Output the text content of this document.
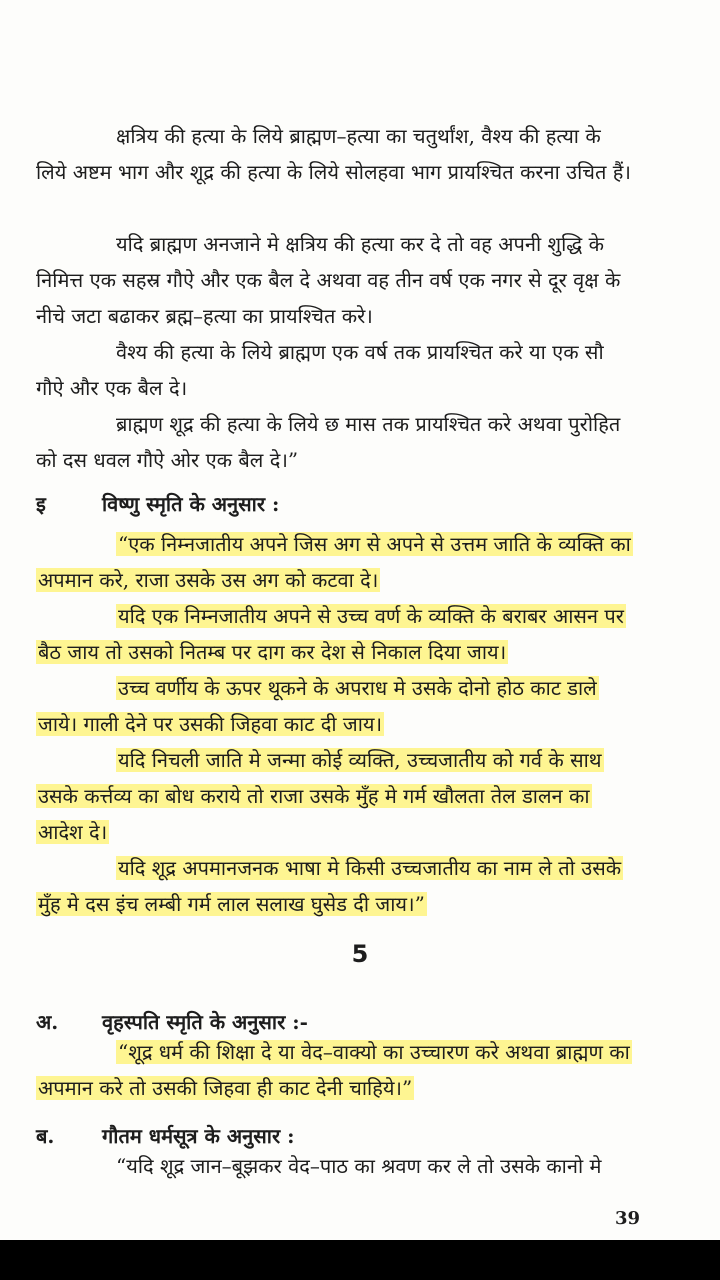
क्षत्रिय की हत्या के लिये ब्राह्मण–हत्या का चतुर्थांश, वैश्य की हत्या के लिये अष्टम भाग और शूद्र की हत्या के लिये सोलहवा भाग प्रायश्चित करना उचित हैं।

यदि ब्राह्मण अनजाने मे क्षत्रिय की हत्या कर दे तो वह अपनी शुद्धि के निमित्त एक सहस्र गौऐ और एक बैल दे अथवा वह तीन वर्ष एक नगर से दूर वृक्ष के नीचे जटा बढाकर ब्रह्म–हत्या का प्रायश्चित करे।

वैश्य की हत्या के लिये ब्राह्मण एक वर्ष तक प्रायश्चित करे या एक सौ गौऐ और एक बैल दे।

ब्राह्मण शूद्र की हत्या के लिये छ मास तक प्रायश्चित करे अथवा पुरोहित को दस धवल गौऐ ओर एक बैल दे।”

इ	विष्णु स्मृति के अनुसार :

“एक निम्नजातीय अपने जिस अग से अपने से उत्तम जाति के व्यक्ति का अपमान करे, राजा उसके उस अग को कटवा दे।

यदि एक निम्नजातीय अपने से उच्च वर्ण के व्यक्ति के बराबर आसन पर बैठ जाय तो उसको नितम्ब पर दाग कर देश से निकाल दिया जाय।

उच्च वर्णीय के ऊपर थूकने के अपराध मे उसके दोनो होठ काट डाले जाये। गाली देने पर उसकी जिहवा काट दी जाय।

यदि निचली जाति मे जन्मा कोई व्यक्ति, उच्चजातीय को गर्व के साथ उसके कर्त्तव्य का बोध कराये तो राजा उसके मुँह मे गर्म खौलता तेल डालन का आदेश दे।

यदि शूद्र अपमानजनक भाषा मे किसी उच्चजातीय का नाम ले तो उसके मुँह मे दस इंच लम्बी गर्म लाल सलाख घुसेड दी जाय।”

5
अ.	वृहस्पति स्मृति के अनुसार :-

“शूद्र धर्म की शिक्षा दे या वेद–वाक्यो का उच्चारण करे अथवा ब्राह्मण का अपमान करे तो उसकी जिहवा ही काट देनी चाहिये।”

ब.	गौतम धर्मसूत्र के अनुसार :

“यदि शूद्र जान–बूझकर वेद–पाठ का श्रवण कर ले तो उसके कानो मे

39
